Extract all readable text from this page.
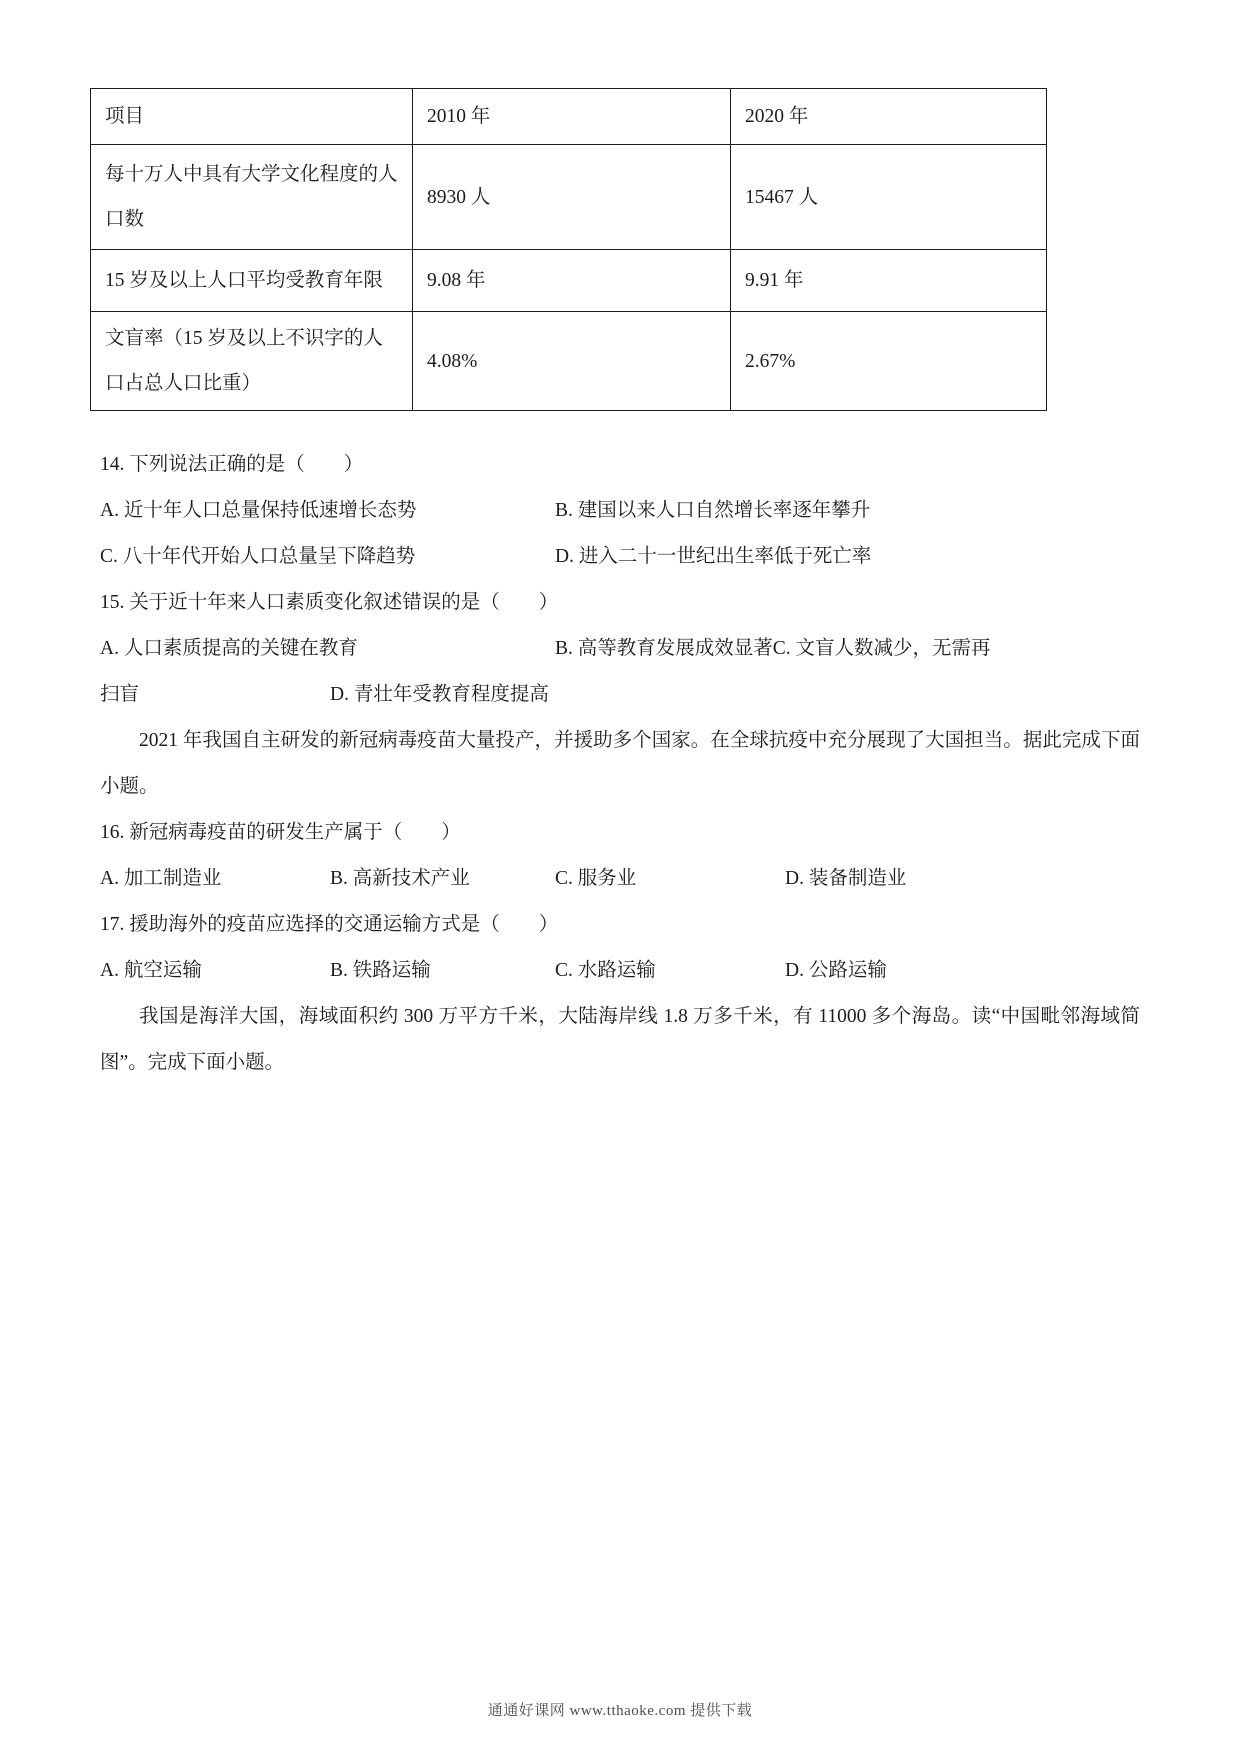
项目	2010 年	2020 年
每十万人中具有大学文化程度的人口数	8930 人	15467 人
15 岁及以上人口平均受教育年限	9.08 年	9.91 年
文盲率（15 岁及以上不识字的人口占总人口比重）	4.08%	2.67%
14. 下列说法正确的是（　　）
A. 近十年人口总量保持低速增长态势	B. 建国以来人口自然增长率逐年攀升
C. 八十年代开始人口总量呈下降趋势	D. 进入二十一世纪出生率低于死亡率
15. 关于近十年来人口素质变化叙述错误的是（　　）
A. 人口素质提高的关键在教育	B. 高等教育发展成效显著C. 文盲人数减少，无需再
扫盲	D. 青壮年受教育程度提高
2021 年我国自主研发的新冠病毒疫苗大量投产，并援助多个国家。在全球抗疫中充分展现了大国担当。据此完成下面小题。
16. 新冠病毒疫苗的研发生产属于（　　）
A. 加工制造业	B. 高新技术产业	C. 服务业	D. 装备制造业
17. 援助海外的疫苗应选择的交通运输方式是（　　）
A. 航空运输	B. 铁路运输	C. 水路运输	D. 公路运输
我国是海洋大国，海域面积约 300 万平方千米，大陆海岸线 1.8 万多千米，有 11000 多个海岛。读“中国毗邻海域简图”。完成下面小题。
通通好课网 www.tthaoke.com 提供下载
